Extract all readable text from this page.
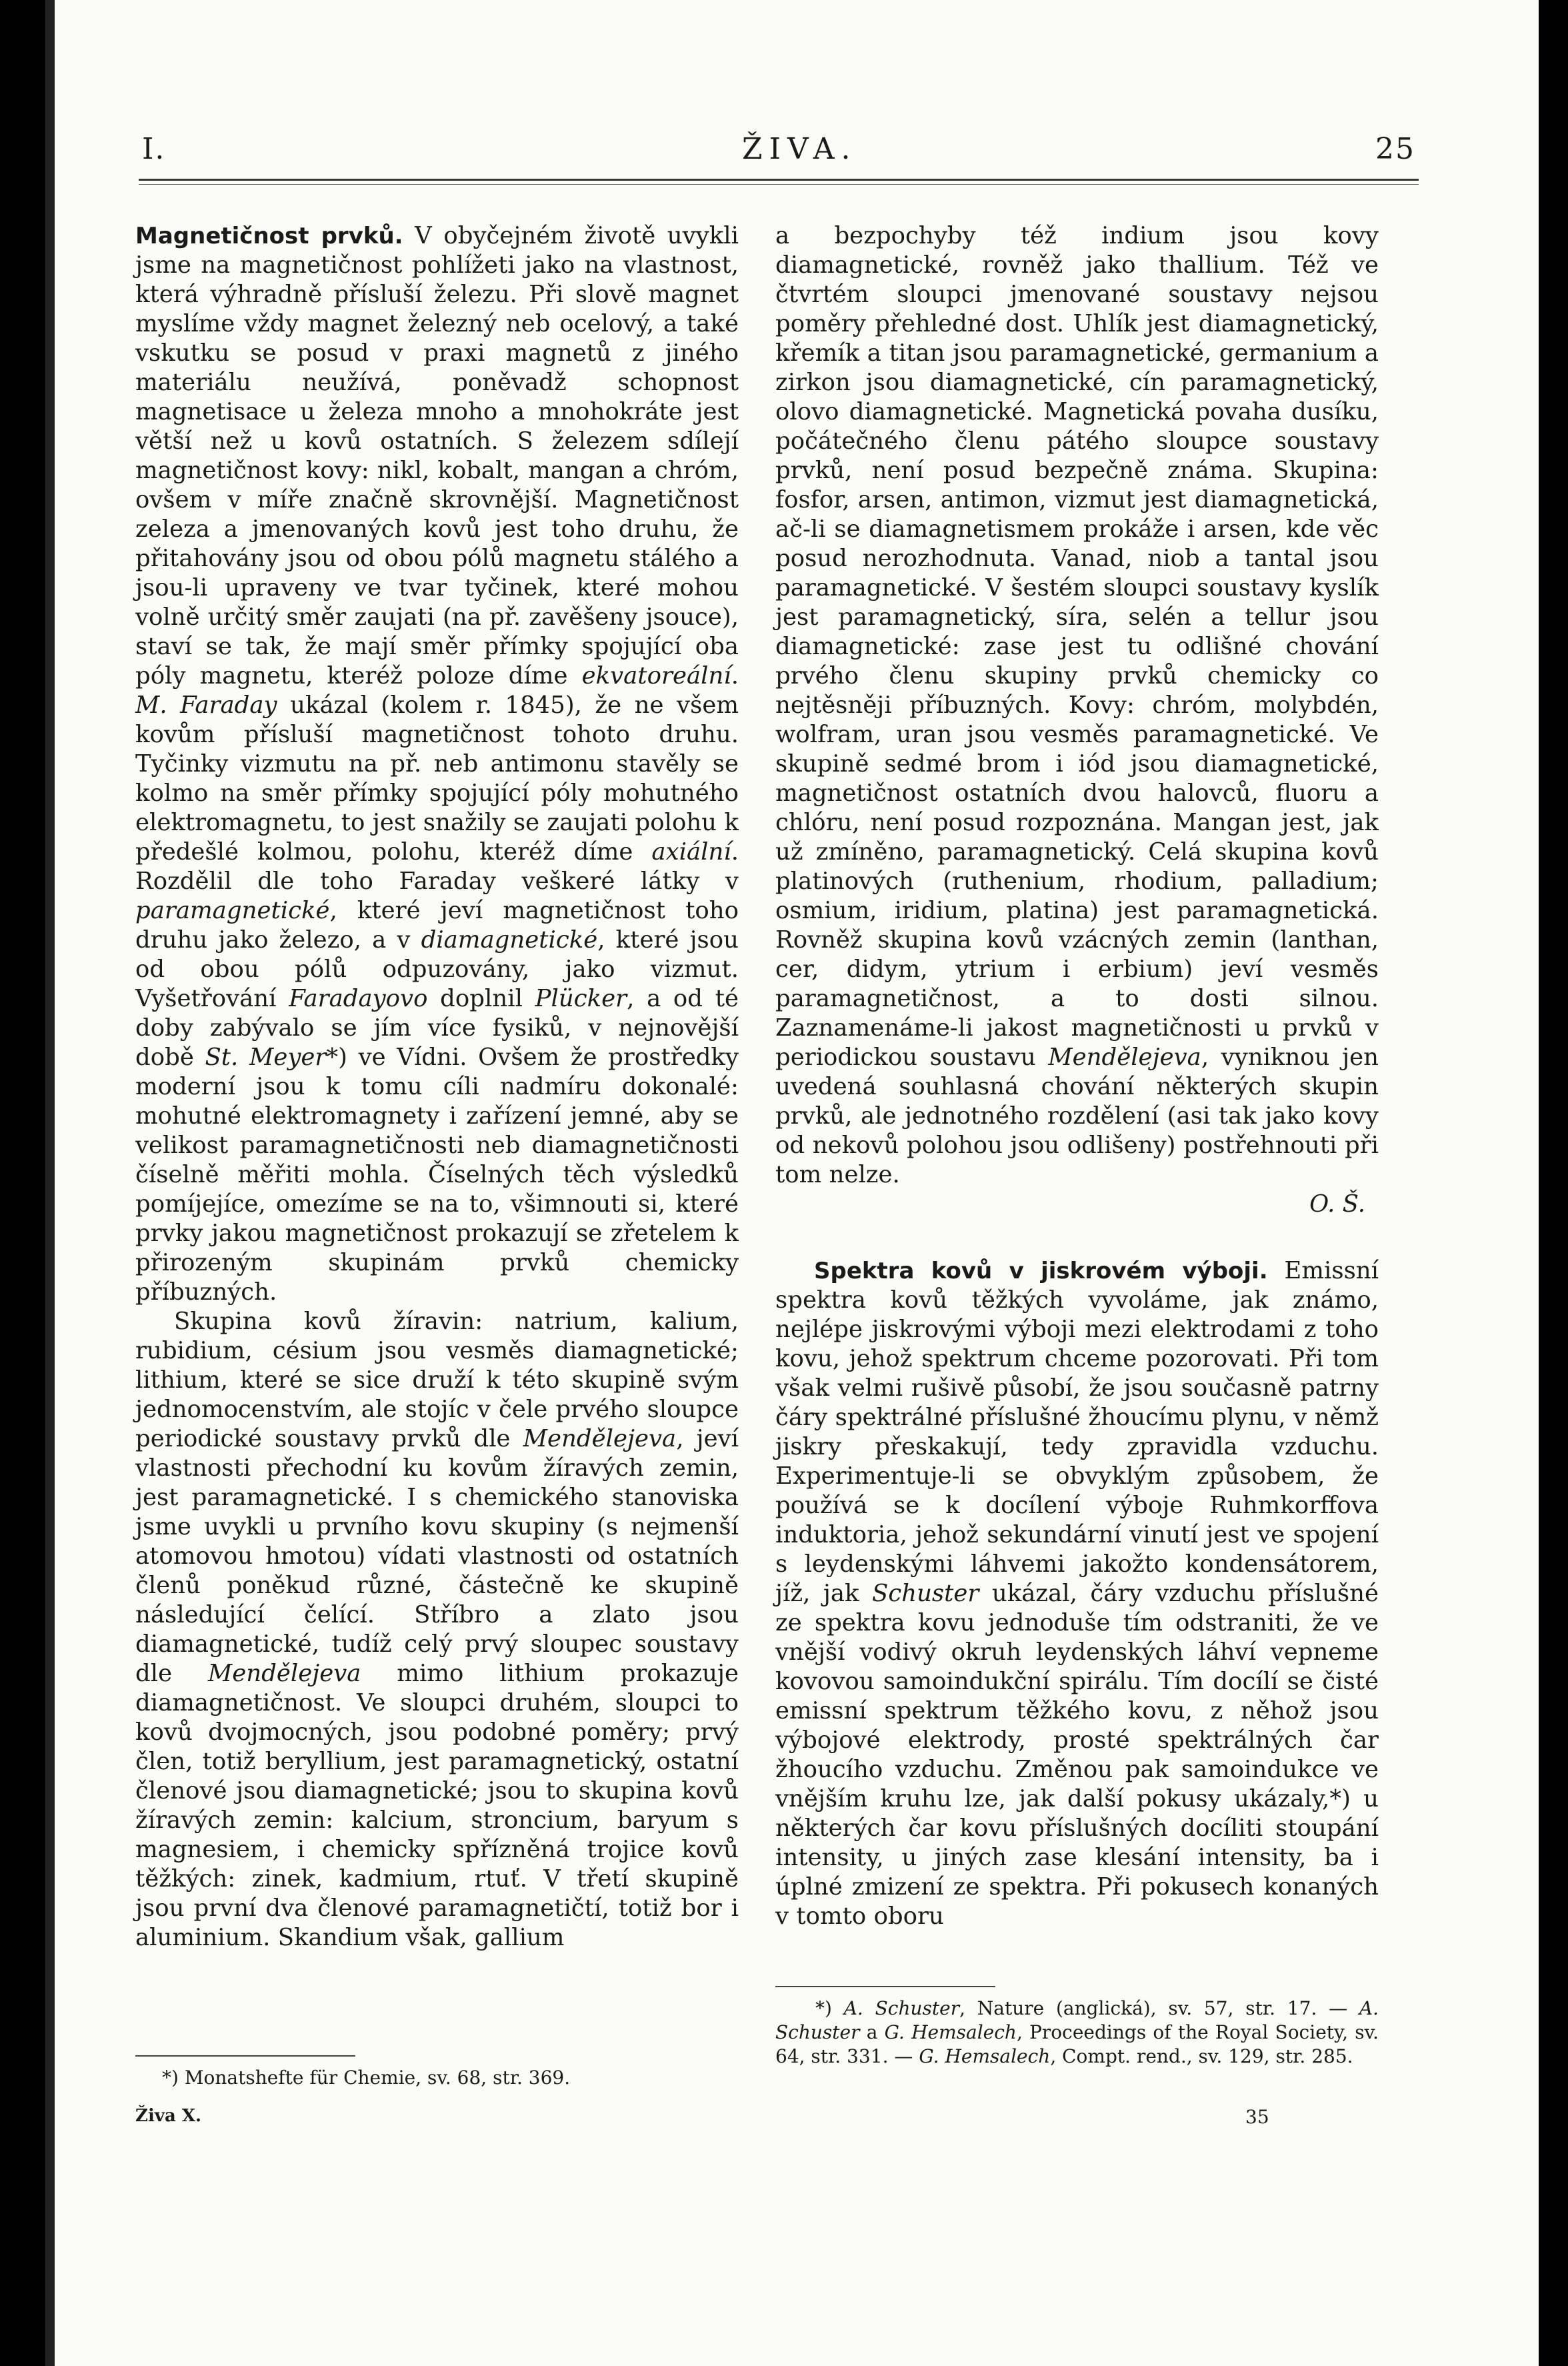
I.	ŽIVA.	25

Magnetičnost prvků. V obyčejném životě uvykli jsme na magnetičnost pohlížeti jako na vlastnost, která výhradně přísluší železu. Při slově magnet myslíme vždy magnet železný neb ocelový, a také vskutku se posud v praxi magnetů z jiného materiálu neužívá, poněvadž schopnost magnetisace u železa mnoho a mnohokráte jest větší než u kovů ostatních. S železem sdílejí magnetičnost kovy: nikl, kobalt, mangan a chróm, ovšem v míře značně skrovnější. Magnetičnost zeleza a jmenovaných kovů jest toho druhu, že přitahovány jsou od obou pólů magnetu stálého a jsou-li upraveny ve tvar tyčinek, které mohou volně určitý směr zaujati (na př. zavěšeny jsouce), staví se tak, že mají směr přímky spojující oba póly magnetu, kteréž poloze díme ekvatoreální. M. Faraday ukázal (kolem r. 1845), že ne všem kovům přísluší magnetičnost tohoto druhu. Tyčinky vizmutu na př. neb antimonu stavěly se kolmo na směr přímky spojující póly mohutného elektromagnetu, to jest snažily se zaujati polohu k předešlé kolmou, polohu, kteréž díme axiální. Rozdělil dle toho Faraday veškeré látky v paramagnetické, které jeví magnetičnost toho druhu jako železo, a v diamagnetické, které jsou od obou pólů odpuzovány, jako vizmut. Vyšetřování Faradayovo doplnil Plücker, a od té doby zabývalo se jím více fysiků, v nejnovější době St. Meyer*) ve Vídni. Ovšem že prostředky moderní jsou k tomu cíli nadmíru dokonalé: mohutné elektromagnety i zařízení jemné, aby se velikost paramagnetičnosti neb diamagnetičnosti číselně měřiti mohla. Číselných těch výsledků pomíjejíce, omezíme se na to, všimnouti si, které prvky jakou magnetičnost prokazují se zřetelem k přirozeným skupinám prvků chemicky příbuzných.

Skupina kovů žíravin: natrium, kalium, rubidium, césium jsou vesměs diamagnetické; lithium, které se sice druží k této skupině svým jednomocenstvím, ale stojíc v čele prvého sloupce periodické soustavy prvků dle Mendělejeva, jeví vlastnosti přechodní ku kovům žíravých zemin, jest paramagnetické. I s chemického stanoviska jsme uvykli u prvního kovu skupiny (s nejmenší atomovou hmotou) vídati vlastnosti od ostatních členů poněkud různé, částečně ke skupině následující čelící. Stříbro a zlato jsou diamagnetické, tudíž celý prvý sloupec soustavy dle Mendělejeva mimo lithium prokazuje diamagnetičnost. Ve sloupci druhém, sloupci to kovů dvojmocných, jsou podobné poměry; prvý člen, totiž beryllium, jest paramagnetický, ostatní členové jsou diamagnetické; jsou to skupina kovů žíravých zemin: kalcium, stroncium, baryum s magnesiem, i chemicky spřízněná trojice kovů těžkých: zinek, kadmium, rtuť. V třetí skupině jsou první dva členové paramagnetičtí, totiž bor i aluminium. Skandium však, gallium

a bezpochyby též indium jsou kovy diamagnetické, rovněž jako thallium. Též ve čtvrtém sloupci jmenované soustavy nejsou poměry přehledné dost. Uhlík jest diamagnetický, křemík a titan jsou paramagnetické, germanium a zirkon jsou diamagnetické, cín paramagnetický, olovo diamagnetické. Magnetická povaha dusíku, počátečného členu pátého sloupce soustavy prvků, není posud bezpečně známa. Skupina: fosfor, arsen, antimon, vizmut jest diamagnetická, ač-li se diamagnetismem prokáže i arsen, kde věc posud nerozhodnuta. Vanad, niob a tantal jsou paramagnetické. V šestém sloupci soustavy kyslík jest paramagnetický, síra, selén a tellur jsou diamagnetické: zase jest tu odlišné chování prvého členu skupiny prvků chemicky co nejtěsněji příbuzných. Kovy: chróm, molybdén, wolfram, uran jsou vesměs paramagnetické. Ve skupině sedmé brom i iód jsou diamagnetické, magnetičnost ostatních dvou halovců, fluoru a chlóru, není posud rozpoznána. Mangan jest, jak už zmíněno, paramagnetický. Celá skupina kovů platinových (ruthenium, rhodium, palladium; osmium, iridium, platina) jest paramagnetická. Rovněž skupina kovů vzácných zemin (lanthan, cer, didym, ytrium i erbium) jeví vesměs paramagnetičnost, a to dosti silnou. Zaznamenáme-li jakost magnetičnosti u prvků v periodickou soustavu Mendělejeva, vyniknou jen uvedená souhlasná chování některých skupin prvků, ale jednotného rozdělení (asi tak jako kovy od nekovů polohou jsou odlišeny) postřehnouti při tom nelze.

O. Š.

Spektra kovů v jiskrovém výboji. Emissní spektra kovů těžkých vyvoláme, jak známo, nejlépe jiskrovými výboji mezi elektrodami z toho kovu, jehož spektrum chceme pozorovati. Při tom však velmi rušivě působí, že jsou současně patrny čáry spektrálné příslušné žhoucímu plynu, v němž jiskry přeskakují, tedy zpravidla vzduchu. Experimentuje-li se obvyklým způsobem, že používá se k docílení výboje Ruhmkorffova induktoria, jehož sekundární vinutí jest ve spojení s leydenskými láhvemi jakožto kondensátorem, jíž, jak Schuster ukázal, čáry vzduchu příslušné ze spektra kovu jednoduše tím odstraniti, že ve vnější vodivý okruh leydenských láhví vepneme kovovou samoindukční spirálu. Tím docílí se čisté emissní spektrum těžkého kovu, z něhož jsou výbojové elektrody, prosté spektrálných čar žhoucího vzduchu. Změnou pak samoindukce ve vnějším kruhu lze, jak další pokusy ukázaly,*) u některých čar kovu příslušných docíliti stoupání intensity, u jiných zase klesání intensity, ba i úplné zmizení ze spektra. Při pokusech konaných v tomto oboru

*) Monatshefte für Chemie, sv. 68, str. 369.
*) A. Schuster, Nature (anglická), sv. 57, str. 17. — A. Schuster a G. Hemsalech, Proceedings of the Royal Society, sv. 64, str. 331. — G. Hemsalech, Compt. rend., sv. 129, str. 285.
Živa X.	35
